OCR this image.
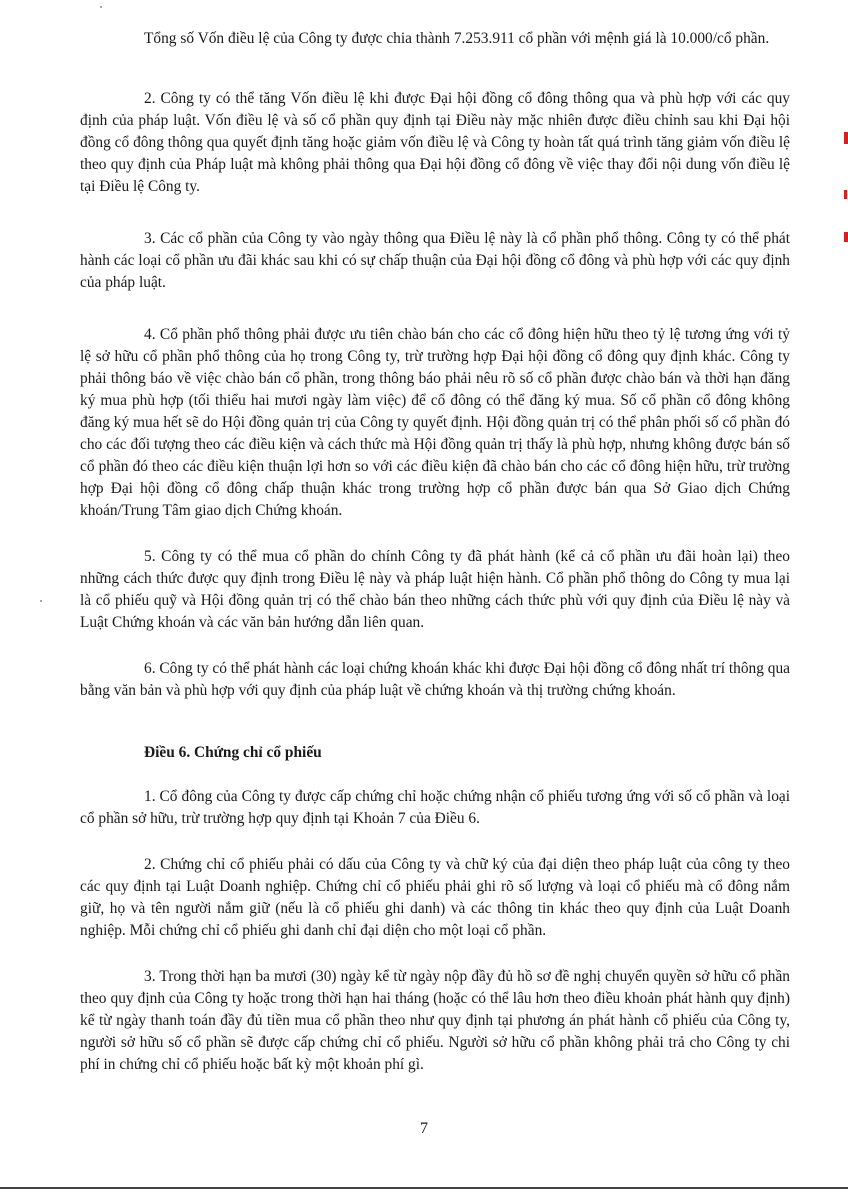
Tổng số Vốn điều lệ của Công ty được chia thành 7.253.911 cổ phần với mệnh giá là 10.000/cổ phần.

2. Công ty có thể tăng Vốn điều lệ khi được Đại hội đồng cổ đông thông qua và phù hợp với các quy định của pháp luật. Vốn điều lệ và số cổ phần quy định tại Điều này mặc nhiên được điều chỉnh sau khi Đại hội đồng cổ đông thông qua quyết định tăng hoặc giảm vốn điều lệ và Công ty hoàn tất quá trình tăng giảm vốn điều lệ theo quy định của Pháp luật mà không phải thông qua Đại hội đồng cổ đông về việc thay đổi nội dung vốn điều lệ tại Điều lệ Công ty.

3. Các cổ phần của Công ty vào ngày thông qua Điều lệ này là cổ phần phổ thông. Công ty có thể phát hành các loại cổ phần ưu đãi khác sau khi có sự chấp thuận của Đại hội đồng cổ đông và phù hợp với các quy định của pháp luật.

4. Cổ phần phổ thông phải được ưu tiên chào bán cho các cổ đông hiện hữu theo tỷ lệ tương ứng với tỷ lệ sở hữu cổ phần phổ thông của họ trong Công ty, trừ trường hợp Đại hội đồng cổ đông quy định khác. Công ty phải thông báo về việc chào bán cổ phần, trong thông báo phải nêu rõ số cổ phần được chào bán và thời hạn đăng ký mua phù hợp (tối thiểu hai mươi ngày làm việc) để cổ đông có thể đăng ký mua. Số cổ phần cổ đông không đăng ký mua hết sẽ do Hội đồng quản trị của Công ty quyết định. Hội đồng quản trị có thể phân phối số cổ phần đó cho các đối tượng theo các điều kiện và cách thức mà Hội đồng quản trị thấy là phù hợp, nhưng không được bán số cổ phần đó theo các điều kiện thuận lợi hơn so với các điều kiện đã chào bán cho các cổ đông hiện hữu, trừ trường hợp Đại hội đồng cổ đông chấp thuận khác trong trường hợp cổ phần được bán qua Sở Giao dịch Chứng khoán/Trung Tâm giao dịch Chứng khoán.

5. Công ty có thể mua cổ phần do chính Công ty đã phát hành (kể cả cổ phần ưu đãi hoàn lại) theo những cách thức được quy định trong Điều lệ này và pháp luật hiện hành. Cổ phần phổ thông do Công ty mua lại là cổ phiếu quỹ và Hội đồng quản trị có thể chào bán theo những cách thức phù với quy định của Điều lệ này và Luật Chứng khoán và các văn bản hướng dẫn liên quan.

6. Công ty có thể phát hành các loại chứng khoán khác khi được Đại hội đồng cổ đông nhất trí thông qua bằng văn bản và phù hợp với quy định của pháp luật về chứng khoán và thị trường chứng khoán.

Điều 6. Chứng chỉ cổ phiếu

1. Cổ đông của Công ty được cấp chứng chỉ hoặc chứng nhận cổ phiếu tương ứng với số cổ phần và loại cổ phần sở hữu, trừ trường hợp quy định tại Khoản 7 của Điều 6.

2. Chứng chỉ cổ phiếu phải có dấu của Công ty và chữ ký của đại diện theo pháp luật của công ty theo các quy định tại Luật Doanh nghiệp. Chứng chỉ cổ phiếu phải ghi rõ số lượng và loại cổ phiếu mà cổ đông nắm giữ, họ và tên người nắm giữ (nếu là cổ phiếu ghi danh) và các thông tin khác theo quy định của Luật Doanh nghiệp. Mỗi chứng chỉ cổ phiếu ghi danh chỉ đại diện cho một loại cổ phần.

3. Trong thời hạn ba mươi (30) ngày kể từ ngày nộp đầy đủ hồ sơ đề nghị chuyển quyền sở hữu cổ phần theo quy định của Công ty hoặc trong thời hạn hai tháng (hoặc có thể lâu hơn theo điều khoản phát hành quy định) kể từ ngày thanh toán đầy đủ tiền mua cổ phần theo như quy định tại phương án phát hành cổ phiếu của Công ty, người sở hữu số cổ phần sẽ được cấp chứng chỉ cổ phiếu. Người sở hữu cổ phần không phải trả cho Công ty chi phí in chứng chỉ cổ phiếu hoặc bất kỳ một khoản phí gì.

7
